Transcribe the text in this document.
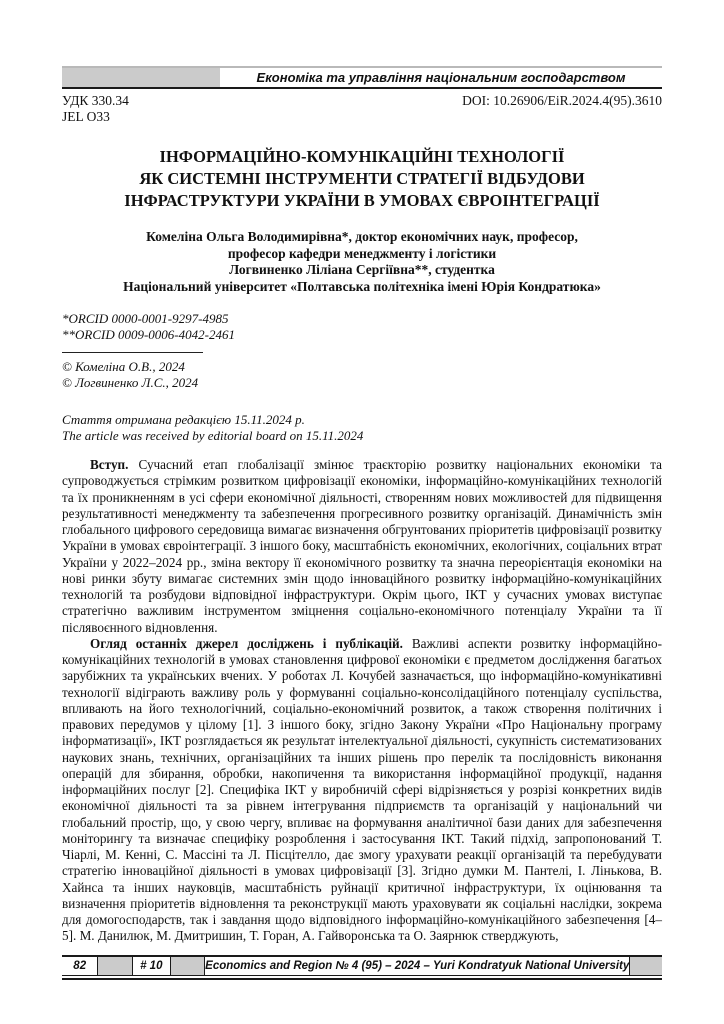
Економіка та управління національним господарством
УДК 330.34
JEL O33
DOI: 10.26906/EiR.2024.4(95).3610
ІНФОРМАЦІЙНО-КОМУНІКАЦІЙНІ ТЕХНОЛОГІЇ
ЯК СИСТЕМНІ ІНСТРУМЕНТИ СТРАТЕГІЇ ВІДБУДОВИ
ІНФРАСТРУКТУРИ УКРАЇНИ В УМОВАХ ЄВРОІНТЕГРАЦІЇ
Комеліна Ольга Володимирівна*, доктор економічних наук, професор,
професор кафедри менеджменту і логістики
Логвиненко Ліліана Сергіївна**, студентка
Національний університет «Полтавська політехніка імені Юрія Кондратюка»
*ORCID 0000-0001-9297-4985
**ORCID 0009-0006-4042-2461
© Комеліна О.В., 2024
© Логвиненко Л.С., 2024
Стаття отримана редакцією 15.11.2024 р.
The article was received by editorial board on 15.11.2024

Вступ. Сучасний етап глобалізації змінює траєкторію розвитку національних економіки та супроводжується стрімким розвитком цифровізації економіки, інформаційно-комунікаційних технологій та їх проникненням в усі сфери економічної діяльності, створенням нових можливостей для підвищення результативності менеджменту та забезпечення прогресивного розвитку організацій. Динамічність змін глобального цифрового середовища вимагає визначення обгрунтованих пріоритетів цифровізації розвитку України в умовах євроінтеграції. З іншого боку, масштабність економічних, екологічних, соціальних втрат України у 2022–2024 рр., зміна вектору її економічного розвитку та значна переорієнтація економіки на нові ринки збуту вимагає системних змін щодо інноваційного розвитку інформаційно-комунікаційних технологій та розбудови відповідної інфраструктури. Окрім цього, ІКТ у сучасних умовах виступає стратегічно важливим інструментом зміцнення соціально-економічного потенціалу України та її післявоєнного відновлення.

Огляд останніх джерел досліджень і публікацій. Важливі аспекти розвитку інформаційно-комунікаційних технологій в умовах становлення цифрової економіки є предметом дослідження багатьох зарубіжних та українських вчених. У роботах Л. Кочубей зазначається, що інформаційно-комунікативні технології відіграють важливу роль у формуванні соціально-консолідаційного потенціалу суспільства, впливають на його технологічний, соціально-економічний розвиток, а також створення політичних і правових передумов у цілому [1]. З іншого боку, згідно Закону України «Про Національну програму інформатизації», ІКТ розглядається як результат інтелектуальної діяльності, сукупність систематизованих наукових знань, технічних, організаційних та інших рішень про перелік та послідовність виконання операцій для збирання, обробки, накопичення та використання інформаційної продукції, надання інформаційних послуг [2]. Специфіка ІКТ у виробничій сфері відрізняється у розрізі конкретних видів економічної діяльності та за рівнем інтегрування підприємств та організацій у національний чи глобальний простір, що, у свою чергу, впливає на формування аналітичної бази даних для забезпечення моніторингу та визначає специфіку розроблення і застосування ІКТ. Такий підхід, запропонований Т. Чіарлі, М. Кенні, С. Массіні та Л. Пісцітелло, дає змогу урахувати реакції організацій та перебудувати стратегію інноваційної діяльності в умовах цифровізації [3]. Згідно думки М. Пантелі, І. Лінькова, В. Хайнса та інших науковців, масштабність руйнації критичної інфраструктури, їх оцінювання та визначення пріоритетів відновлення та реконструкції мають ураховувати як соціальні наслідки, зокрема для домогосподарств, так і завдання щодо відповідного інформаційно-комунікаційного забезпечення [4–5]. М. Данилюк, М. Дмитришин, Т. Горан, А. Гайворонська та О. Заярнюк стверджують,

82	# 10	Economics and Region № 4 (95) – 2024 – Yuri Kondratyuk National University
